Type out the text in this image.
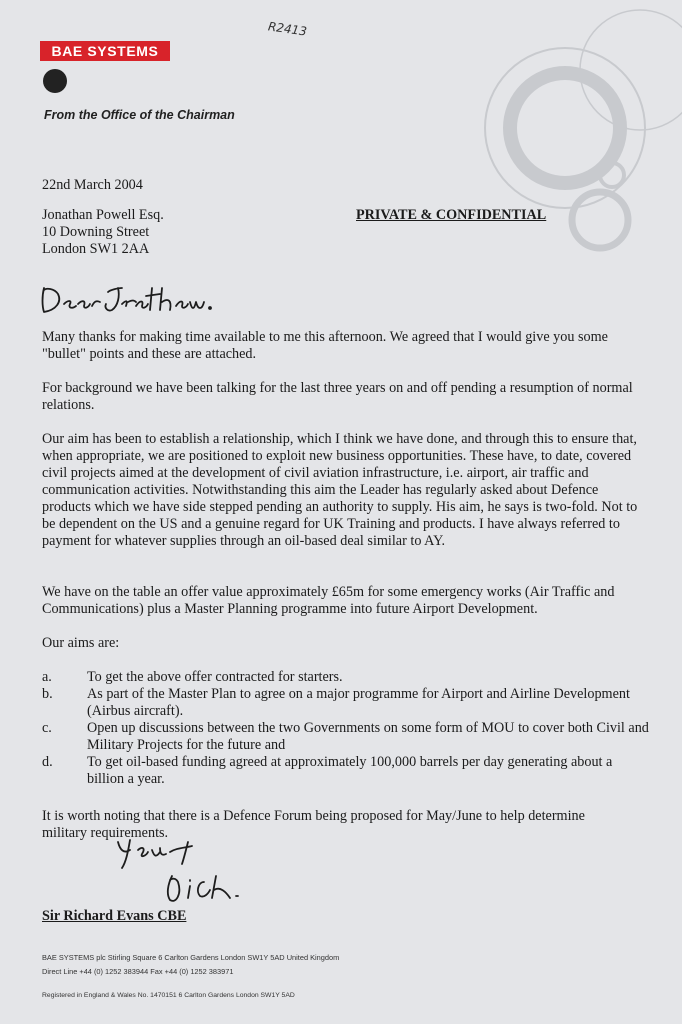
BAE SYSTEMS
R2413
From the Office of the Chairman
22nd March 2004
Jonathan Powell Esq.
10 Downing Street
London SW1 2AA
PRIVATE & CONFIDENTIAL
Many thanks for making time available to me this afternoon. We agreed that I would give you some "bullet" points and these are attached.
For background we have been talking for the last three years on and off pending a resumption of normal relations.
Our aim has been to establish a relationship, which I think we have done, and through this to ensure that, when appropriate, we are positioned to exploit new business opportunities. These have, to date, covered civil projects aimed at the development of civil aviation infrastructure, i.e. airport, air traffic and communication activities. Notwithstanding this aim the Leader has regularly asked about Defence products which we have side stepped pending an authority to supply. His aim, he says is two-fold. Not to be dependent on the US and a genuine regard for UK Training and products. I have always referred to payment for whatever supplies through an oil-based deal similar to AY.
We have on the table an offer value approximately £65m for some emergency works (Air Traffic and Communications) plus a Master Planning programme into future Airport Development.
Our aims are:
a. To get the above offer contracted for starters.
b. As part of the Master Plan to agree on a major programme for Airport and Airline Development (Airbus aircraft).
c. Open up discussions between the two Governments on some form of MOU to cover both Civil and Military Projects for the future and
d. To get oil-based funding agreed at approximately 100,000 barrels per day generating about a billion a year.
It is worth noting that there is a Defence Forum being proposed for May/June to help determine military requirements.
Sir Richard Evans CBE
BAE SYSTEMS plc Stirling Square 6 Carlton Gardens London SW1Y 5AD United Kingdom
Direct Line +44 (0) 1252 383944 Fax +44 (0) 1252 383971
Registered in England & Wales No. 1470151 6 Carlton Gardens London SW1Y 5AD
